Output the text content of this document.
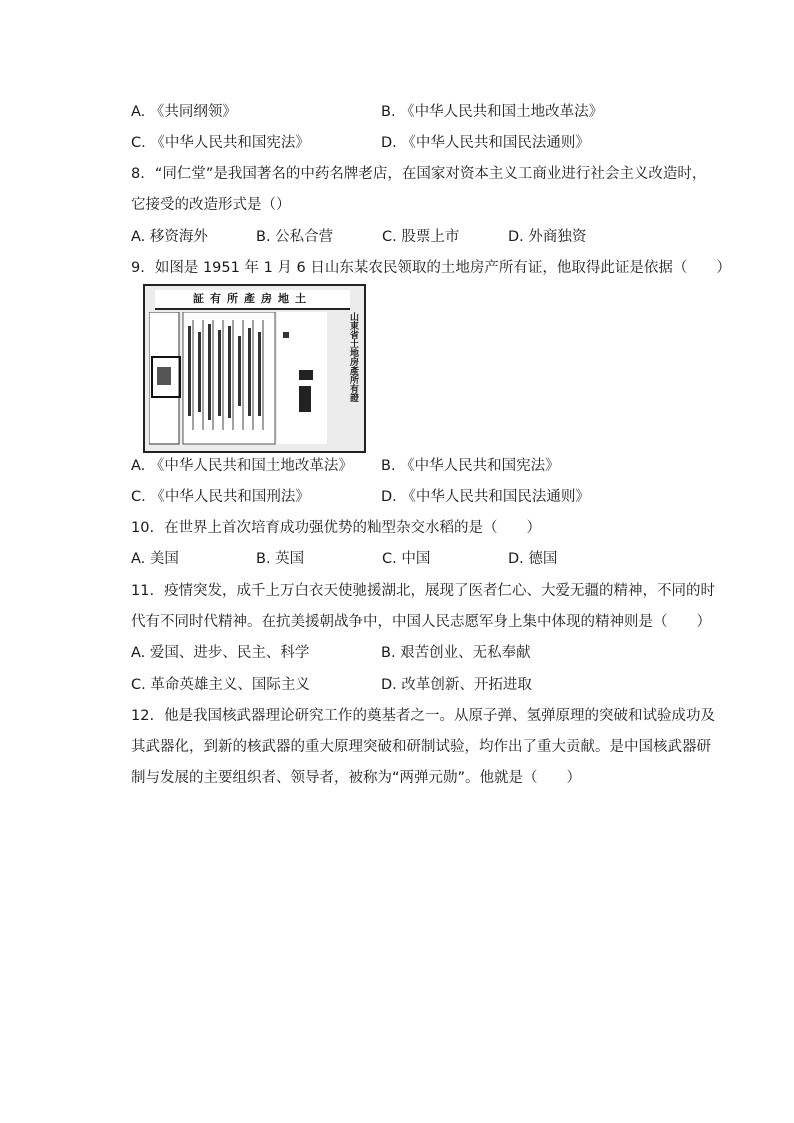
A. 《共同纲领》	B. 《中华人民共和国土地改革法》
C. 《中华人民共和国宪法》	D. 《中华人民共和国民法通则》
8. “同仁堂”是我国著名的中药名牌老店，在国家对资本主义工商业进行社会主义改造时，
它接受的改造形式是（）
A. 移资海外	B. 公私合营	C. 股票上市	D. 外商独资
9. 如图是 1951 年 1 月 6 日山东某农民领取的土地房产所有证，他取得此证是依据（　　）
証有所產房地土
山東省土地房產所有證
A. 《中华人民共和国土地改革法》 B. 《中华人民共和国宪法》
C. 《中华人民共和国刑法》	D. 《中华人民共和国民法通则》
10. 在世界上首次培育成功强优势的籼型杂交水稻的是（　　）
A. 美国	B. 英国	C. 中国	D. 德国
11. 疫情突发，成千上万白衣天使驰援湖北，展现了医者仁心、大爱无疆的精神，不同的时
代有不同时代精神。在抗美援朝战争中，中国人民志愿军身上集中体现的精神则是（　　）
A. 爱国、进步、民主、科学	B. 艰苦创业、无私奉献
C. 革命英雄主义、国际主义	D. 改革创新、开拓进取
12. 他是我国核武器理论研究工作的奠基者之一。从原子弹、氢弹原理的突破和试验成功及
其武器化，到新的核武器的重大原理突破和研制试验，均作出了重大贡献。是中国核武器研
制与发展的主要组织者、领导者，被称为“两弹元勋”。他就是（　　）
